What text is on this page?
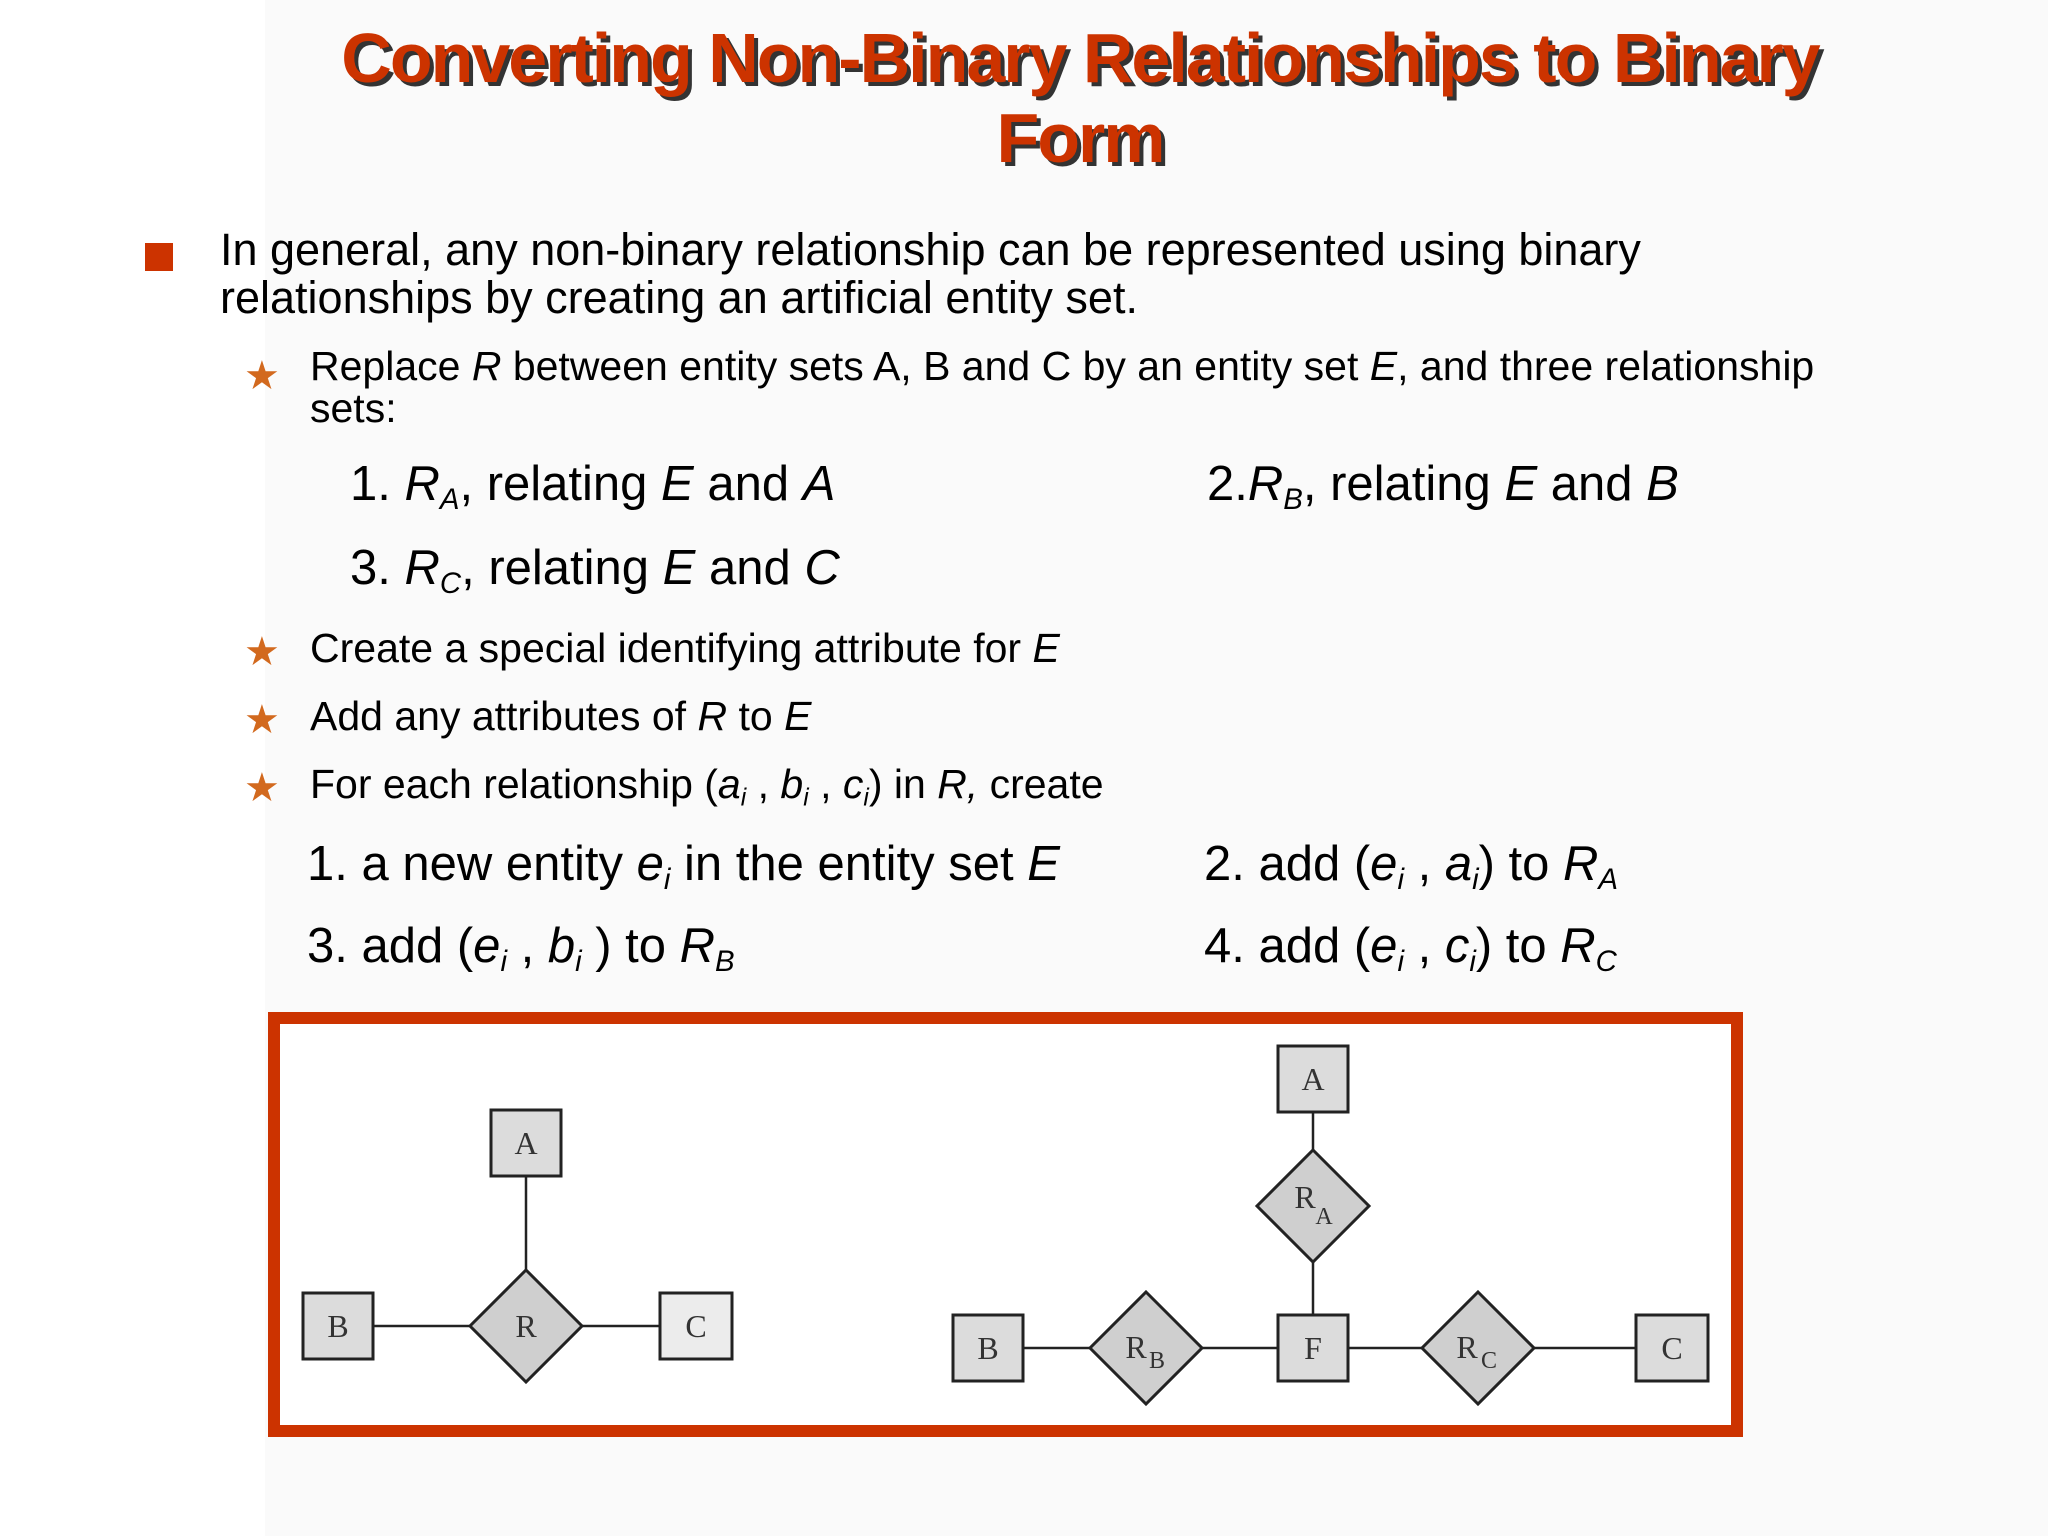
Converting Non-Binary Relationships to Binary
Form

In general, any non-binary relationship can be represented using binary relationships by creating an artificial entity set.

★ Replace R between entity sets A, B and C by an entity set E, and three relationship sets:

1. $R_A$, relating E and A	$2.R_B$, relating E and B
3. $R_C$, relating E and C
★ Create a special identifying attribute for E

★ Add any attributes of R to E

★ For each relationship ($a_i$ , $b_i$ , $c_i$) in R, create

1. a new entity $e_i$ in the entity set E	2. add ($e_i$ , $a_i$) to $R_A$
3. add ($e_i$ , $b_i$ ) to $R_B$	4. add ($e_i$ , $c_i$) to $R_C$
A
B	C
R
A
R
A
B	R B	F	R C	C
